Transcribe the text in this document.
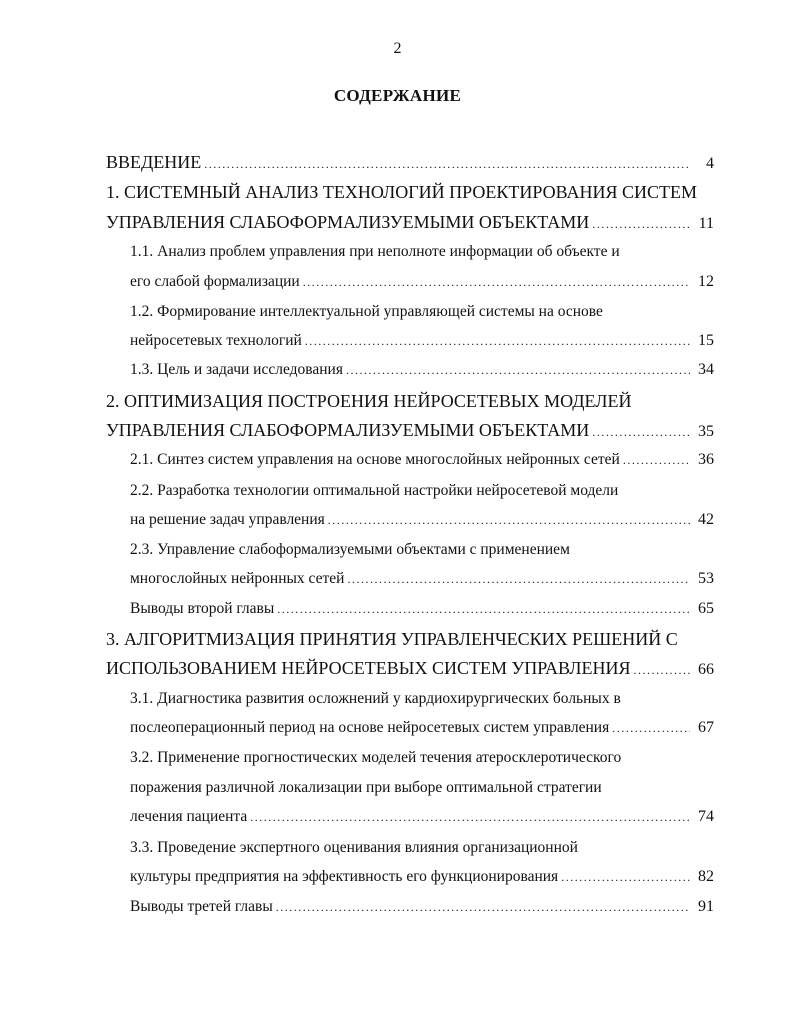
2
СОДЕРЖАНИЕ
ВВЕДЕНИЕ .....	4
1. СИСТЕМНЫЙ АНАЛИЗ ТЕХНОЛОГИЙ ПРОЕКТИРОВАНИЯ СИСТЕМ
УПРАВЛЕНИЯ СЛАБОФОРМАЛИЗУЕМЫМИ ОБЪЕКТАМИ .....	11
1.1. Анализ проблем управления при неполноте информации об объекте и
его слабой формализации .....	12
1.2. Формирование интеллектуальной управляющей системы на основе
нейросетевых технологий .....	15
1.3. Цель и задачи исследования .....	34
2. ОПТИМИЗАЦИЯ ПОСТРОЕНИЯ НЕЙРОСЕТЕВЫХ МОДЕЛЕЙ
УПРАВЛЕНИЯ СЛАБОФОРМАЛИЗУЕМЫМИ ОБЪЕКТАМИ .....	35
2.1. Синтез систем управления на основе многослойных нейронных сетей .....	36
2.2. Разработка технологии оптимальной настройки нейросетевой модели
на решение задач управления .....	42
2.3. Управление слабоформализуемыми объектами с применением
многослойных нейронных сетей .....	53
Выводы второй главы .....	65
3. АЛГОРИТМИЗАЦИЯ ПРИНЯТИЯ УПРАВЛЕНЧЕСКИХ РЕШЕНИЙ С
ИСПОЛЬЗОВАНИЕМ НЕЙРОСЕТЕВЫХ СИСТЕМ УПРАВЛЕНИЯ .....	66
3.1. Диагностика развития осложнений у кардиохирургических больных в
послеоперационный период на основе нейросетевых систем управления .....	67
3.2. Применение прогностических моделей течения атеросклеротического
поражения различной локализации при выборе оптимальной стратегии
лечения пациента .....	74
3.3. Проведение экспертного оценивания влияния организационной
культуры предприятия на эффективность его функционирования .....	82
Выводы третей главы .....	91
